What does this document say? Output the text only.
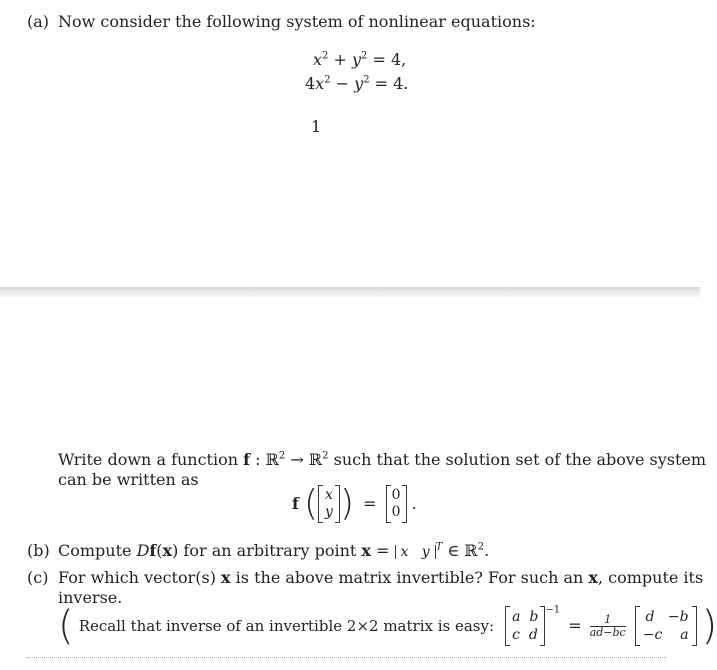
(a) Now consider the following system of nonlinear equations:
$x^2 + y^2 = 4$,
$4x^2 - y^2 = 4$.
1
Write down a function f : ℝ$^2$ → ℝ$^2$ such that the solution set of the above system
can be written as
f ( x
y ) = 0
0 .
(b) Compute Df(x) for an arbitrary point x = x y $^T$ ∈ ℝ$^2$.
(c) For which vector(s) x is the above matrix invertible? For such an x, compute its
inverse.
( Recall that inverse of an invertible 2×2 matrix is easy: a b
c $d^{-1} = \frac{1}{ad-bc}$
d −b
−c a )
